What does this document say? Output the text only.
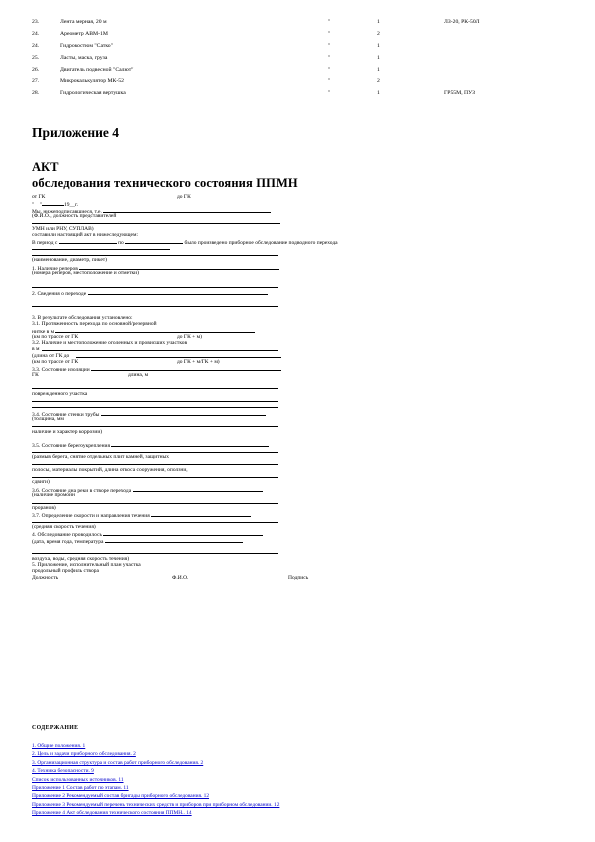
23.	Лента мерная, 20 м	"	1	ЛЗ-20, РК-50Л
24.	Ареометр АВМ-1М	"	2
24.	Гидрокостюм "Сатко"	"	1
25.	Ласты, маска, груза	"	1
26.	Двигатель подвесной "Салют"	"	1
27.	Микрокалькулятор МК-52	"	2
28.	Гидрологическая вертушка	"	1	ГР55М, ПУЗ
Приложение 4
АКТ
обследования технического состояния ППМН
от ГК	до ГК
"    "	19__г.
Мы, нижеподписавшиеся, т.е.
(Ф.И.О., должность представителей
УМН или РНУ, СУПЛАВ)
составили настоящий акт в нижеследующем:
В период с	по	было произведено приборное обследование подводного перехода
(наименование, диаметр, пикет)
1. Наличие реперов
(номера реперов, местоположение и отметки)
2. Сведения о переходе
3. В результате обследования установлено:
3.1. Протяженность перехода по основной/резервной
нитке в м
(км по трассе от ГК	до ГК + м)
3.2. Наличие и местоположение оголенных и провисших участков
в м
(длина от ГК до
(км по трассе от ГК	до ГК + м/ГК + м)
3.3. Состояние изоляции
ГК	длина, м
поврежденного участка
3.4. Состояние стенки трубы
(толщина, мм
наличие и характер коррозии)
3.5. Состояние берегоукрепления
(размыв берега, снятие отдельных плит камней, защитных
полосы, материалы покрытий, длина откоса сооружения, оползни,
сдвиги)
3.6. Состояние дна реки в створе перехода
(наличие промоин
проранов)
3.7. Определение скорости и направления течения
(средняя скорость течения)
4. Обследование проводилось
(дата, время года, температура
воздуха, воды, средняя скорость течения)
5. Приложение, исполнительный план участка
продольный профиль створа
Должность	Ф.И.О.	Подпись
СОДЕРЖАНИЕ
1. Общие положения. 1
2. Цель и задачи приборного обследования. 2
3. Организационная структура и состав работ приборного обследования. 2
4. Техника безопасности. 9
Список использованных источников. 11
Приложение 1 Состав работ по этапам. 11
Приложение 2 Рекомендуемый состав бригады приборного обследования. 12
Приложение 3 Рекомендуемый перечень технических средств и приборов при приборном обследовании. 12
Приложение 4 Акт обследования технического состояния ППМН.. 14
